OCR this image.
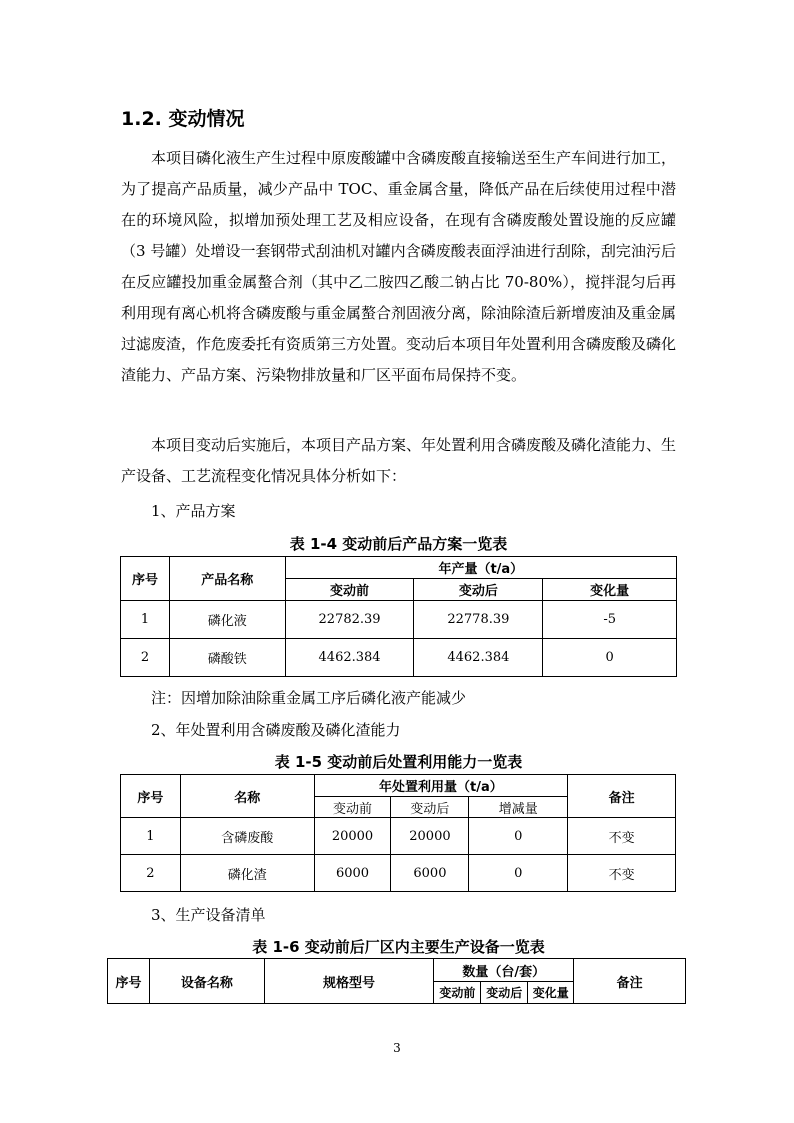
1.2. 变动情况
本项目磷化液生产生过程中原废酸罐中含磷废酸直接输送至生产车间进行加工，为了提高产品质量，减少产品中 TOC、重金属含量，降低产品在后续使用过程中潜在的环境风险，拟增加预处理工艺及相应设备，在现有含磷废酸处置设施的反应罐（3 号罐）处增设一套钢带式刮油机对罐内含磷废酸表面浮油进行刮除，刮完油污后在反应罐投加重金属螯合剂（其中乙二胺四乙酸二钠占比 70-80%），搅拌混匀后再利用现有离心机将含磷废酸与重金属螯合剂固液分离，除油除渣后新增废油及重金属过滤废渣，作危废委托有资质第三方处置。变动后本项目年处置利用含磷废酸及磷化渣能力、产品方案、污染物排放量和厂区平面布局保持不变。
本项目变动后实施后，本项目产品方案、年处置利用含磷废酸及磷化渣能力、生产设备、工艺流程变化情况具体分析如下：
1、产品方案
表 1-4 变动前后产品方案一览表
序号	产品名称	年产量（t/a）		
		变动前	变动后	变化量
1	磷化液	22782.39	22778.39	-5
2	磷酸铁	4462.384	4462.384	0
注：因增加除油除重金属工序后磷化液产能减少
2、年处置利用含磷废酸及磷化渣能力
表 1-5 变动前后处置利用能力一览表
序号	名称	年处置利用量（t/a）			备注
		变动前	变动后	增减量	
1	含磷废酸	20000	20000	0	不变
2	磷化渣	6000	6000	0	不变
3、生产设备清单
表 1-6 变动前后厂区内主要生产设备一览表
序号	设备名称	规格型号	数量（台/套）			备注
			变动前	变动后	变化量	
3
